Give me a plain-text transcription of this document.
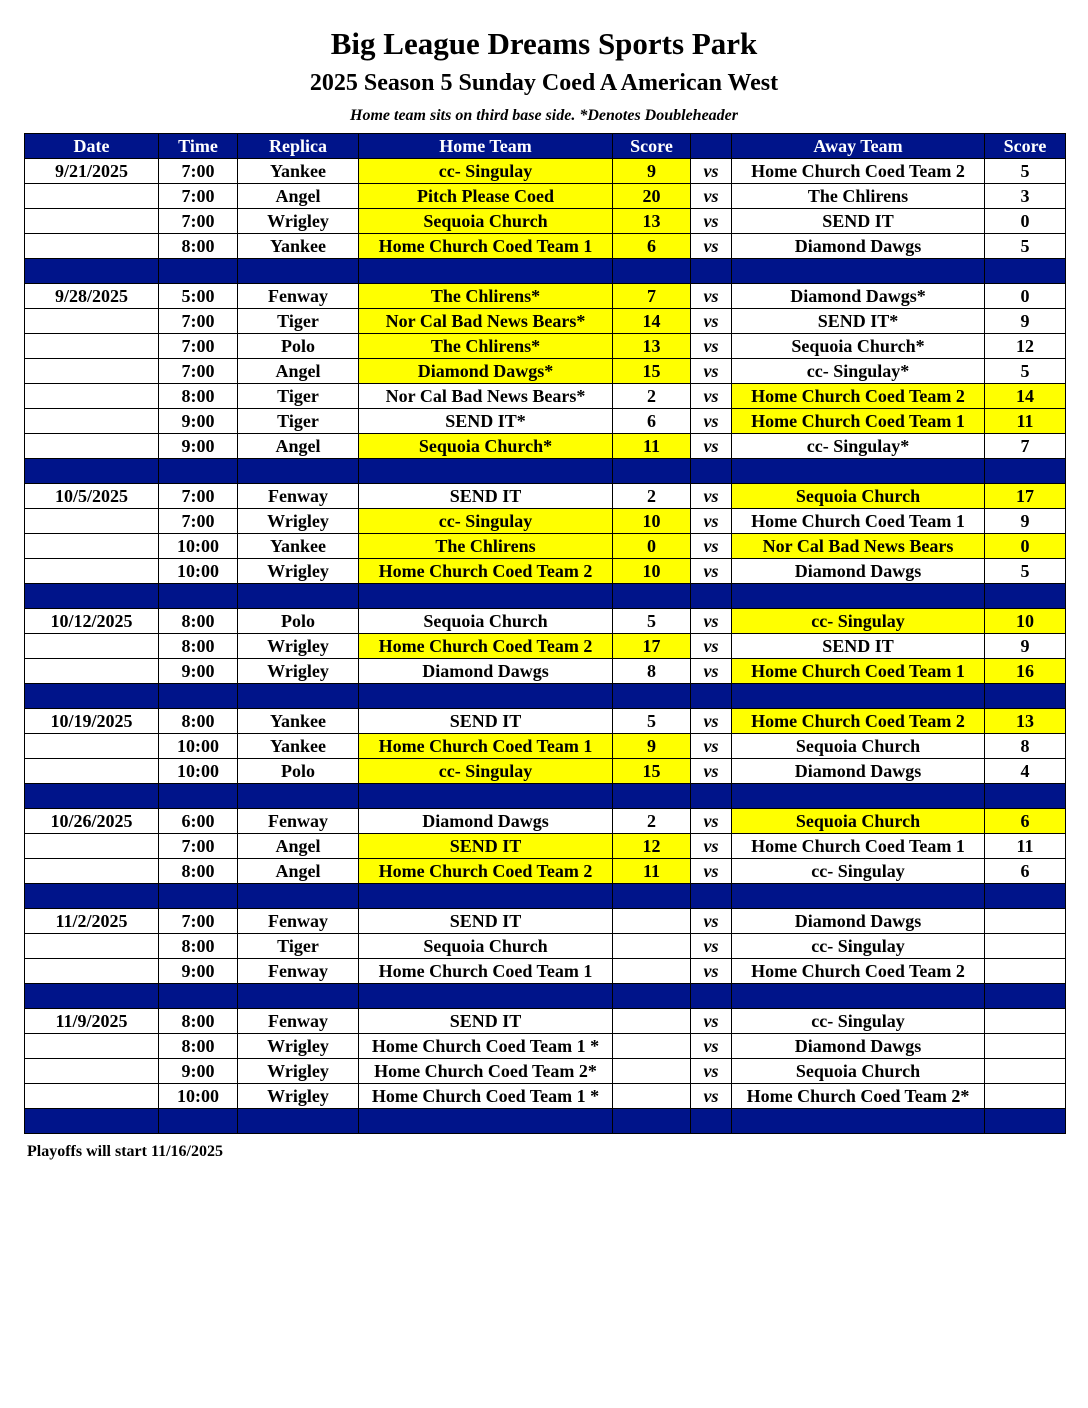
Big League Dreams Sports Park
2025 Season 5 Sunday Coed A American West
Home team sits on third base side. *Denotes Doubleheader
Date	Time	Replica	Home Team	Score		Away Team	Score
9/21/2025	7:00	Yankee	cc- Singulay	9	vs	Home Church Coed Team 2	5
	7:00	Angel	Pitch Please Coed	20	vs	The Chlirens	3
	7:00	Wrigley	Sequoia Church	13	vs	SEND IT	0
	8:00	Yankee	Home Church Coed Team 1	6	vs	Diamond Dawgs	5

9/28/2025	5:00	Fenway	The Chlirens*	7	vs	Diamond Dawgs*	0
	7:00	Tiger	Nor Cal Bad News Bears*	14	vs	SEND IT*	9
	7:00	Polo	The Chlirens*	13	vs	Sequoia Church*	12
	7:00	Angel	Diamond Dawgs*	15	vs	cc- Singulay*	5
	8:00	Tiger	Nor Cal Bad News Bears*	2	vs	Home Church Coed Team 2	14
	9:00	Tiger	SEND IT*	6	vs	Home Church Coed Team 1	11
	9:00	Angel	Sequoia Church*	11	vs	cc- Singulay*	7

10/5/2025	7:00	Fenway	SEND IT	2	vs	Sequoia Church	17
	7:00	Wrigley	cc- Singulay	10	vs	Home Church Coed Team 1	9
	10:00	Yankee	The Chlirens	0	vs	Nor Cal Bad News Bears	0
	10:00	Wrigley	Home Church Coed Team 2	10	vs	Diamond Dawgs	5

10/12/2025	8:00	Polo	Sequoia Church	5	vs	cc- Singulay	10
	8:00	Wrigley	Home Church Coed Team 2	17	vs	SEND IT	9
	9:00	Wrigley	Diamond Dawgs	8	vs	Home Church Coed Team 1	16

10/19/2025	8:00	Yankee	SEND IT	5	vs	Home Church Coed Team 2	13
	10:00	Yankee	Home Church Coed Team 1	9	vs	Sequoia Church	8
	10:00	Polo	cc- Singulay	15	vs	Diamond Dawgs	4

10/26/2025	6:00	Fenway	Diamond Dawgs	2	vs	Sequoia Church	6
	7:00	Angel	SEND IT	12	vs	Home Church Coed Team 1	11
	8:00	Angel	Home Church Coed Team 2	11	vs	cc- Singulay	6

11/2/2025	7:00	Fenway	SEND IT		vs	Diamond Dawgs	
	8:00	Tiger	Sequoia Church		vs	cc- Singulay	
	9:00	Fenway	Home Church Coed Team 1		vs	Home Church Coed Team 2	

11/9/2025	8:00	Fenway	SEND IT		vs	cc- Singulay	
	8:00	Wrigley	Home Church Coed Team 1 *		vs	Diamond Dawgs	
	9:00	Wrigley	Home Church Coed Team 2*		vs	Sequoia Church	
	10:00	Wrigley	Home Church Coed Team 1 *		vs	Home Church Coed Team 2*	

Playoffs will start 11/16/2025
